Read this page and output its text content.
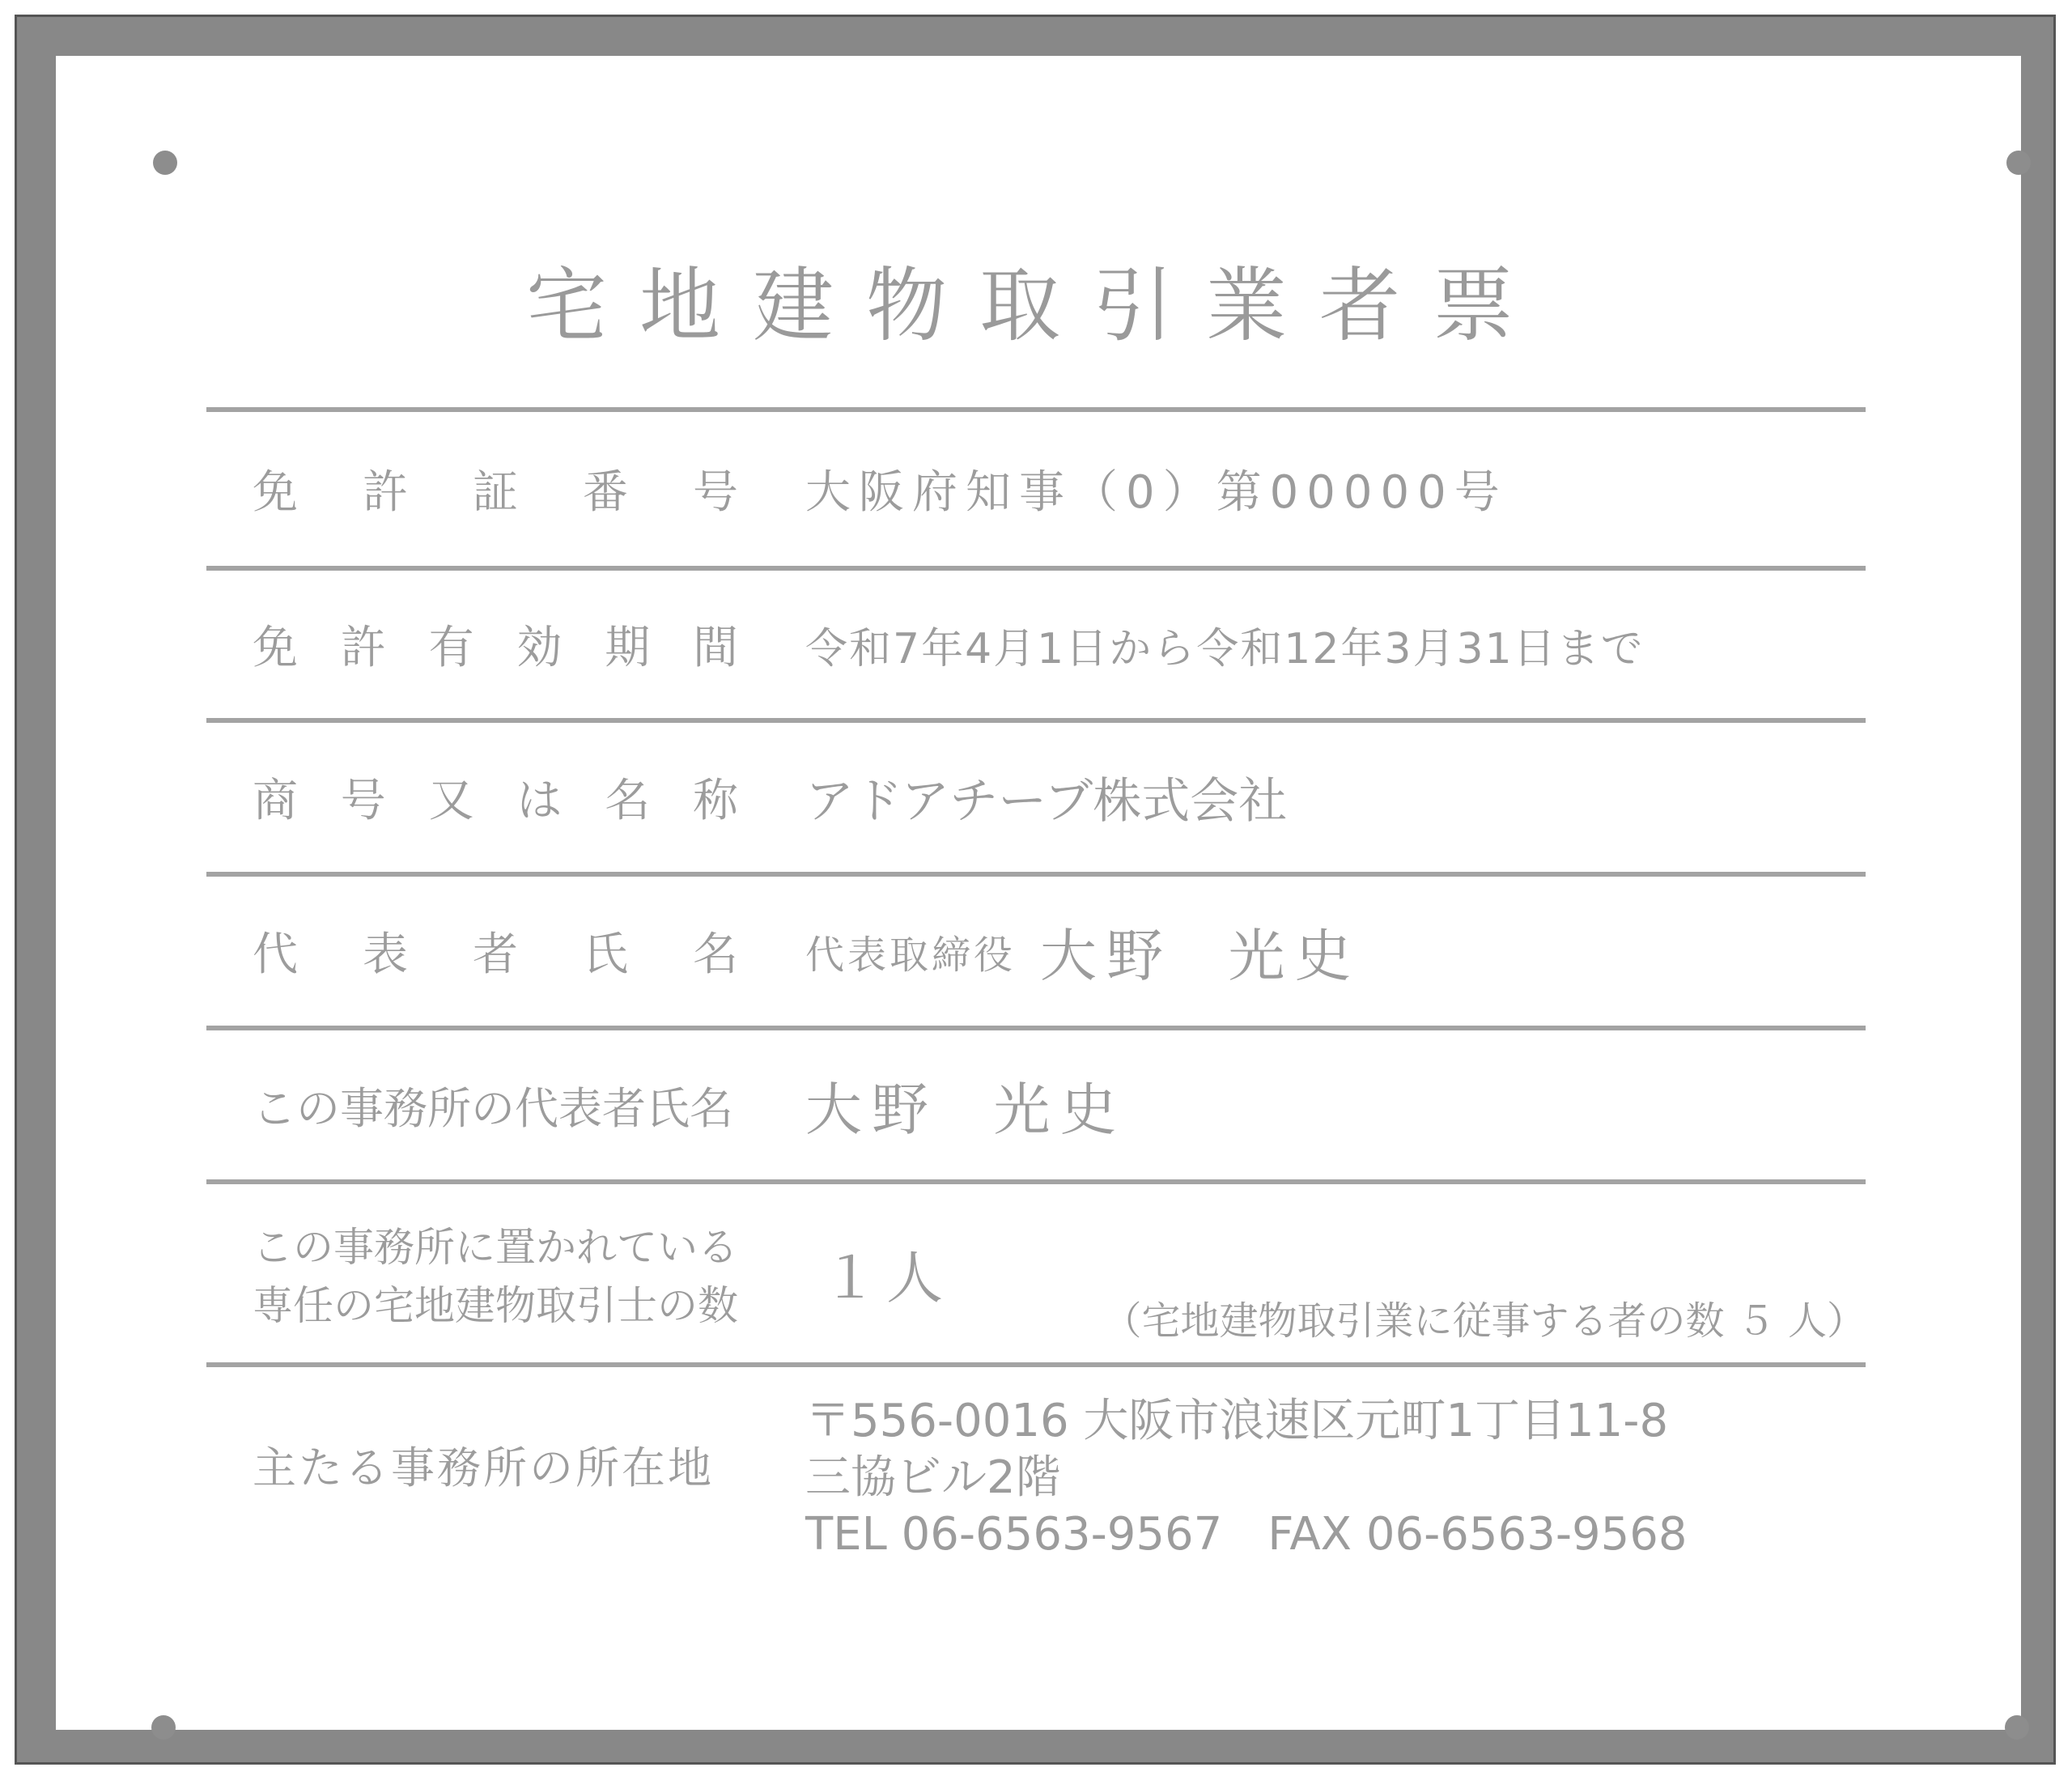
宅地建物取引業者票
免 許 証 番 号 大阪府知事（0）第00000号
免 許 有 効 期 間 令和7年4月1日から令和12年3月31日まで
商 号 又 は 名 称 アドアチーブ株式会社
代 表 者 氏 名 代表取締役 大野  光史
この事務所の代表者氏名 大野  光史
この事務所に置かれている
専任の宅地建物取引士の数 １人
（宅地建物取引業に従事する者の数 ５ 人）
主たる事務所の所在地
〒556-0016 大阪市浪速区元町1丁目11-8
三協ビル2階
TEL 06-6563-9567　FAX 06-6563-9568
